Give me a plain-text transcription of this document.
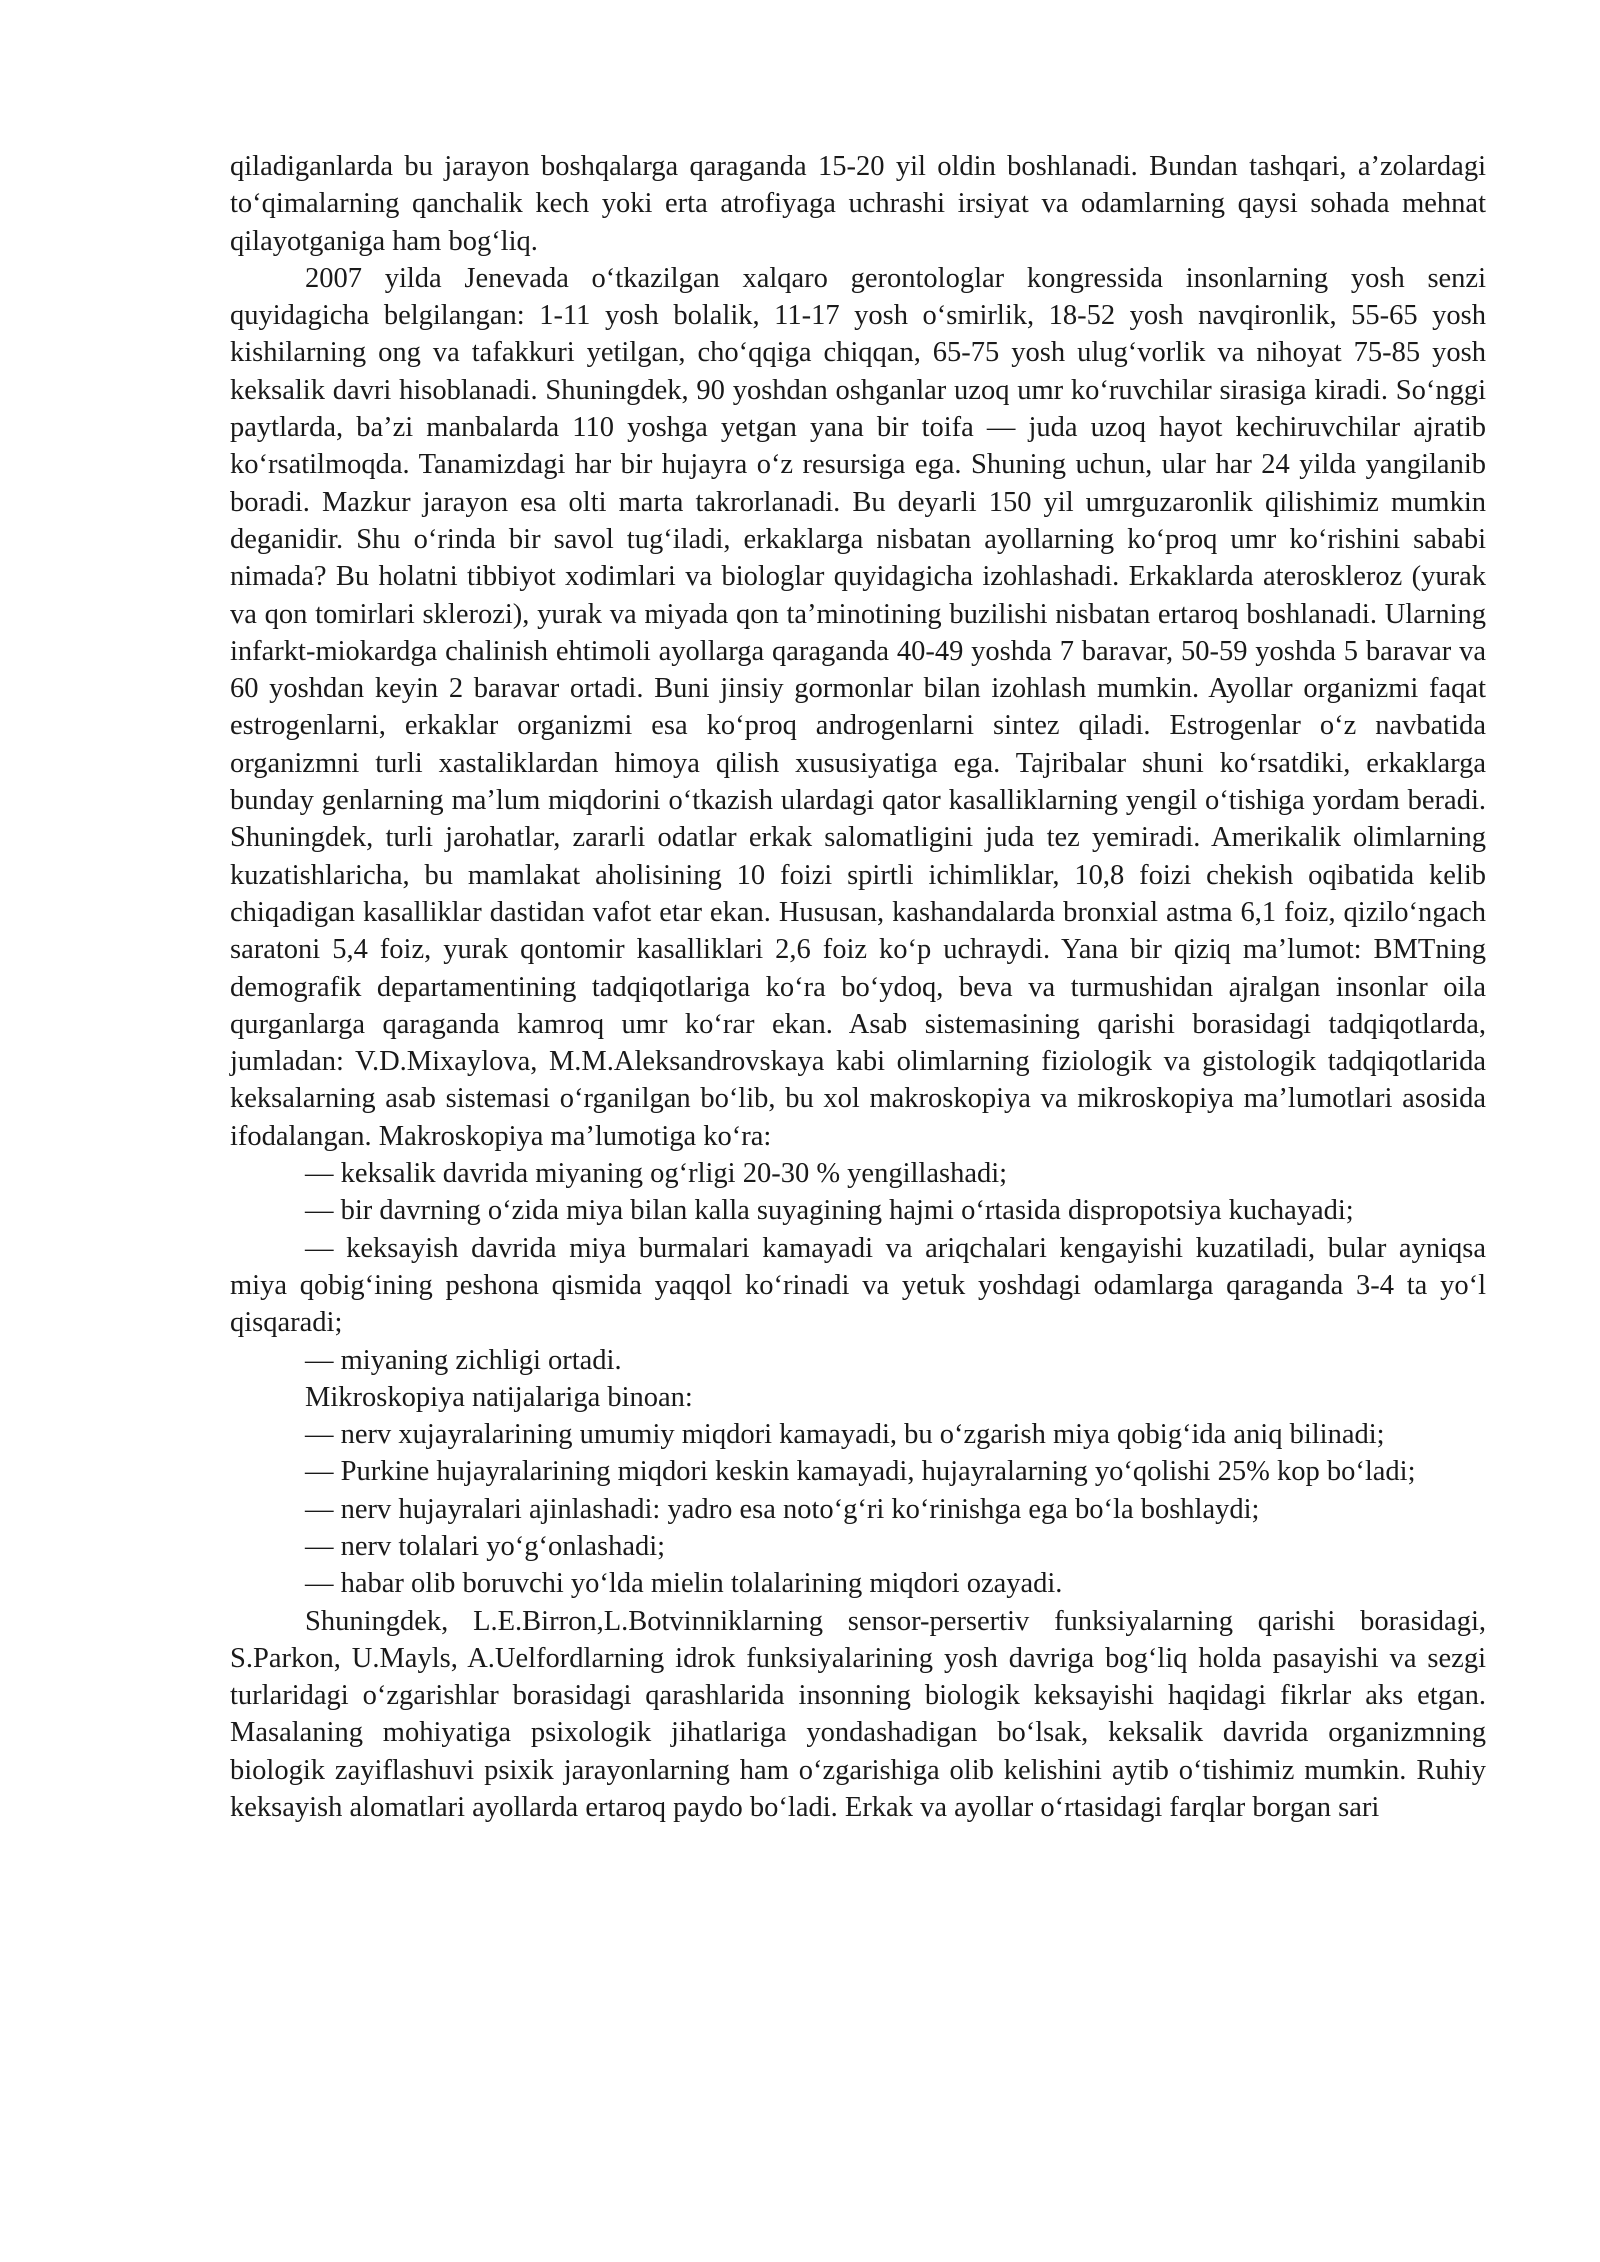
qiladiganlarda bu jarayon boshqalarga qaraganda 15-20 yil oldin boshlanadi. Bundan tashqari, a’zolardagi to‘qimalarning qanchalik kech yoki erta atrofiyaga uchrashi irsiyat va odamlarning qaysi sohada mehnat qilayotganiga ham bog‘liq.

2007 yilda Jenevada o‘tkazilgan xalqaro gerontologlar kongressida insonlarning yosh senzi quyidagicha belgilangan: 1-11 yosh bolalik, 11-17 yosh o‘smirlik, 18-52 yosh navqironlik, 55-65 yosh kishilarning ong va tafakkuri yetilgan, cho‘qqiga chiqqan, 65-75 yosh ulug‘vorlik va nihoyat 75-85 yosh keksalik davri hisoblanadi. Shuningdek, 90 yoshdan oshganlar uzoq umr ko‘ruvchilar sirasiga kiradi. So‘nggi paytlarda, ba’zi manbalarda 110 yoshga yetgan yana bir toifa — juda uzoq hayot kechiruvchilar ajratib ko‘rsatilmoqda. Tanamizdagi har bir hujayra o‘z resursiga ega. Shuning uchun, ular har 24 yilda yangilanib boradi. Mazkur jarayon esa olti marta takrorlanadi. Bu deyarli 150 yil umrguzaronlik qilishimiz mumkin deganidir. Shu o‘rinda bir savol tug‘iladi, erkaklarga nisbatan ayollarning ko‘proq umr ko‘rishini sababi nimada? Bu holatni tibbiyot xodimlari va biologlar quyidagicha izohlashadi. Erkaklarda ateroskleroz (yurak va qon tomirlari sklerozi), yurak va miyada qon ta’minotining buzilishi nisbatan ertaroq boshlanadi. Ularning infarkt-miokardga chalinish ehtimoli ayollarga qaraganda 40-49 yoshda 7 baravar, 50-59 yoshda 5 baravar va 60 yoshdan keyin 2 baravar ortadi. Buni jinsiy gormonlar bilan izohlash mumkin. Ayollar organizmi faqat estrogenlarni, erkaklar organizmi esa ko‘proq androgenlarni sintez qiladi. Estrogenlar o‘z navbatida organizmni turli xastaliklardan himoya qilish xususiyatiga ega. Tajribalar shuni ko‘rsatdiki, erkaklarga bunday genlarning ma’lum miqdorini o‘tkazish ulardagi qator kasalliklarning yengil o‘tishiga yordam beradi. Shuningdek, turli jarohatlar, zararli odatlar erkak salomatligini juda tez yemiradi. Amerikalik olimlarning kuzatishlaricha, bu mamlakat aholisining 10 foizi spirtli ichimliklar, 10,8 foizi chekish oqibatida kelib chiqadigan kasalliklar dastidan vafot etar ekan. Hususan, kashandalarda bronxial astma 6,1 foiz, qizilo‘ngach saratoni 5,4 foiz, yurak qontomir kasalliklari 2,6 foiz ko‘p uchraydi. Yana bir qiziq ma’lumot: BMTning demografik departamentining tadqiqotlariga ko‘ra bo‘ydoq, beva va turmushidan ajralgan insonlar oila qurganlarga qaraganda kamroq umr ko‘rar ekan. Asab sistemasining qarishi borasidagi tadqiqotlarda, jumladan: V.D.Mixaylova, M.M.Aleksandrovskaya kabi olimlarning fiziologik va gistologik tadqiqotlarida keksalarning asab sistemasi o‘rganilgan bo‘lib, bu xol makroskopiya va mikroskopiya ma’lumotlari asosida ifodalangan. Makroskopiya ma’lumotiga ko‘ra:

— keksalik davrida miyaning og‘rligi 20-30 % yengillashadi;

— bir davrning o‘zida miya bilan kalla suyagining hajmi o‘rtasida dispropotsiya kuchayadi;

— keksayish davrida miya burmalari kamayadi va ariqchalari kengayishi kuzatiladi, bular ayniqsa miya qobig‘ining peshona qismida yaqqol ko‘rinadi va yetuk yoshdagi odamlarga qaraganda 3-4 ta yo‘l qisqaradi;

— miyaning zichligi ortadi.

Mikroskopiya natijalariga binoan:

— nerv xujayralarining umumiy miqdori kamayadi, bu o‘zgarish miya qobig‘ida aniq bilinadi;

— Purkine hujayralarining miqdori keskin kamayadi, hujayralarning yo‘qolishi 25% kop bo‘ladi;

— nerv hujayralari ajinlashadi: yadro esa noto‘g‘ri ko‘rinishga ega bo‘la boshlaydi;

— nerv tolalari yo‘g‘onlashadi;

— habar olib boruvchi yo‘lda mielin tolalarining miqdori ozayadi.

Shuningdek, L.E.Birron,L.Botvinniklarning sensor-persertiv funksiyalarning qarishi borasidagi, S.Parkon, U.Mayls, A.Uelfordlarning idrok funksiyalarining yosh davriga bog‘liq holda pasayishi va sezgi turlaridagi o‘zgarishlar borasidagi qarashlarida insonning biologik keksayishi haqidagi fikrlar aks etgan. Masalaning mohiyatiga psixologik jihatlariga yondashadigan bo‘lsak, keksalik davrida organizmning biologik zayiflashuvi psixik jarayonlarning ham o‘zgarishiga olib kelishini aytib o‘tishimiz mumkin. Ruhiy keksayish alomatlari ayollarda ertaroq paydo bo‘ladi. Erkak va ayollar o‘rtasidagi farqlar borgan sari
